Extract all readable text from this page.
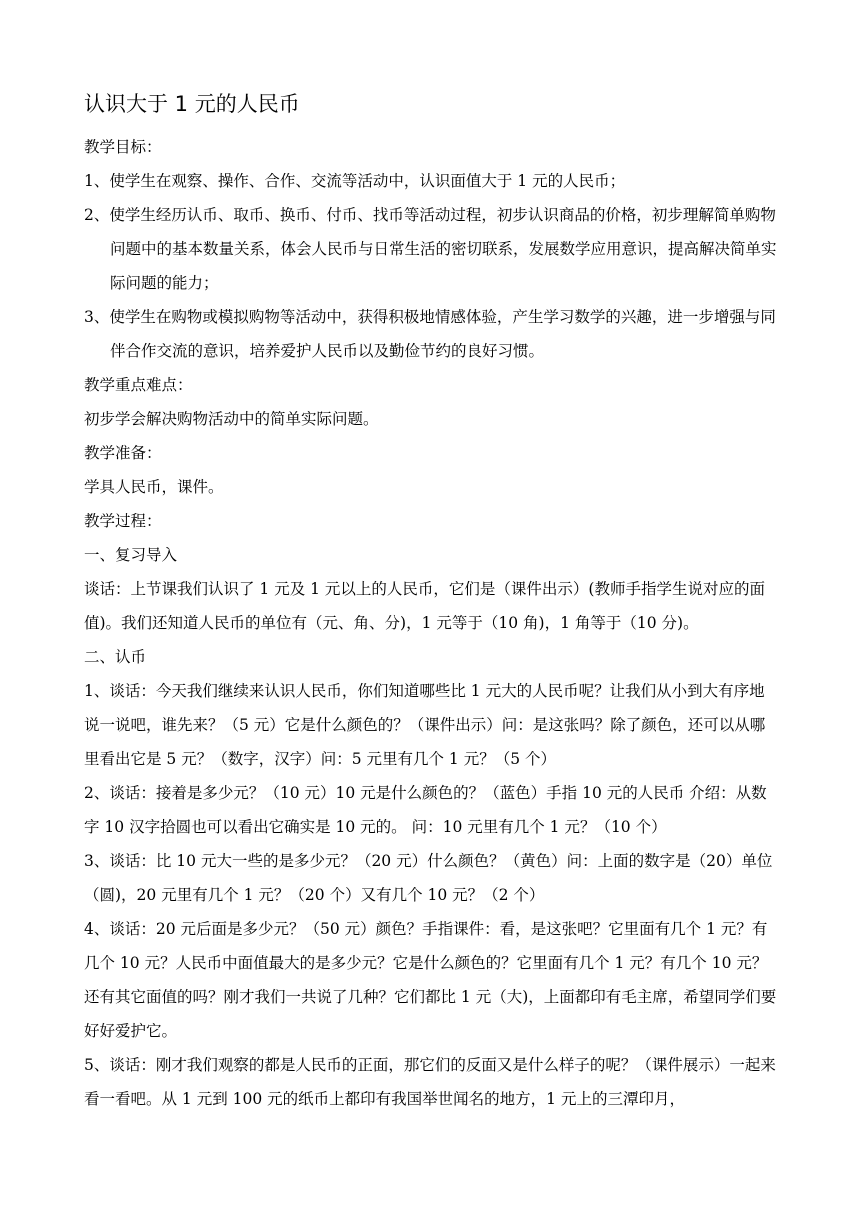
认识大于 1 元的人民币

教学目标：

1、使学生在观察、操作、合作、交流等活动中，认识面值大于 1 元的人民币；

2、使学生经历认币、取币、换币、付币、找币等活动过程，初步认识商品的价格，初步理解简单购物问题中的基本数量关系，体会人民币与日常生活的密切联系，发展数学应用意识，提高解决简单实际问题的能力；

3、使学生在购物或模拟购物等活动中，获得积极地情感体验，产生学习数学的兴趣，进一步增强与同伴合作交流的意识，培养爱护人民币以及勤俭节约的良好习惯。

教学重点难点：

初步学会解决购物活动中的简单实际问题。

教学准备：

学具人民币，课件。

教学过程：

一、复习导入

谈话：上节课我们认识了 1 元及 1 元以上的人民币，它们是（课件出示）(教师手指学生说对应的面值)。我们还知道人民币的单位有（元、角、分)，1 元等于（10 角)，1 角等于（10 分)。

二、认币

1、谈话：今天我们继续来认识人民币，你们知道哪些比 1 元大的人民币呢？让我们从小到大有序地说一说吧，谁先来？（5 元）它是什么颜色的？（课件出示）问：是这张吗？除了颜色，还可以从哪里看出它是 5 元？（数字，汉字）问：5 元里有几个 1 元？（5 个）

2、谈话：接着是多少元？（10 元）10 元是什么颜色的？（蓝色）手指 10 元的人民币 介绍：从数字 10 汉字拾圆也可以看出它确实是 10 元的。 问：10 元里有几个 1 元？（10 个）

3、谈话：比 10 元大一些的是多少元？（20 元）什么颜色？（黄色）问：上面的数字是（20）单位（圆)，20 元里有几个 1 元？（20 个）又有几个 10 元？（2 个）

4、谈话：20 元后面是多少元？（50 元）颜色？手指课件：看，是这张吧？它里面有几个 1 元？有几个 10 元？人民币中面值最大的是多少元？它是什么颜色的？它里面有几个 1 元？有几个 10 元？还有其它面值的吗？刚才我们一共说了几种？它们都比 1 元（大)，上面都印有毛主席，希望同学们要好好爱护它。

5、谈话：刚才我们观察的都是人民币的正面，那它们的反面又是什么样子的呢？（课件展示）一起来看一看吧。从 1 元到 100 元的纸币上都印有我国举世闻名的地方，1 元上的三潭印月，
